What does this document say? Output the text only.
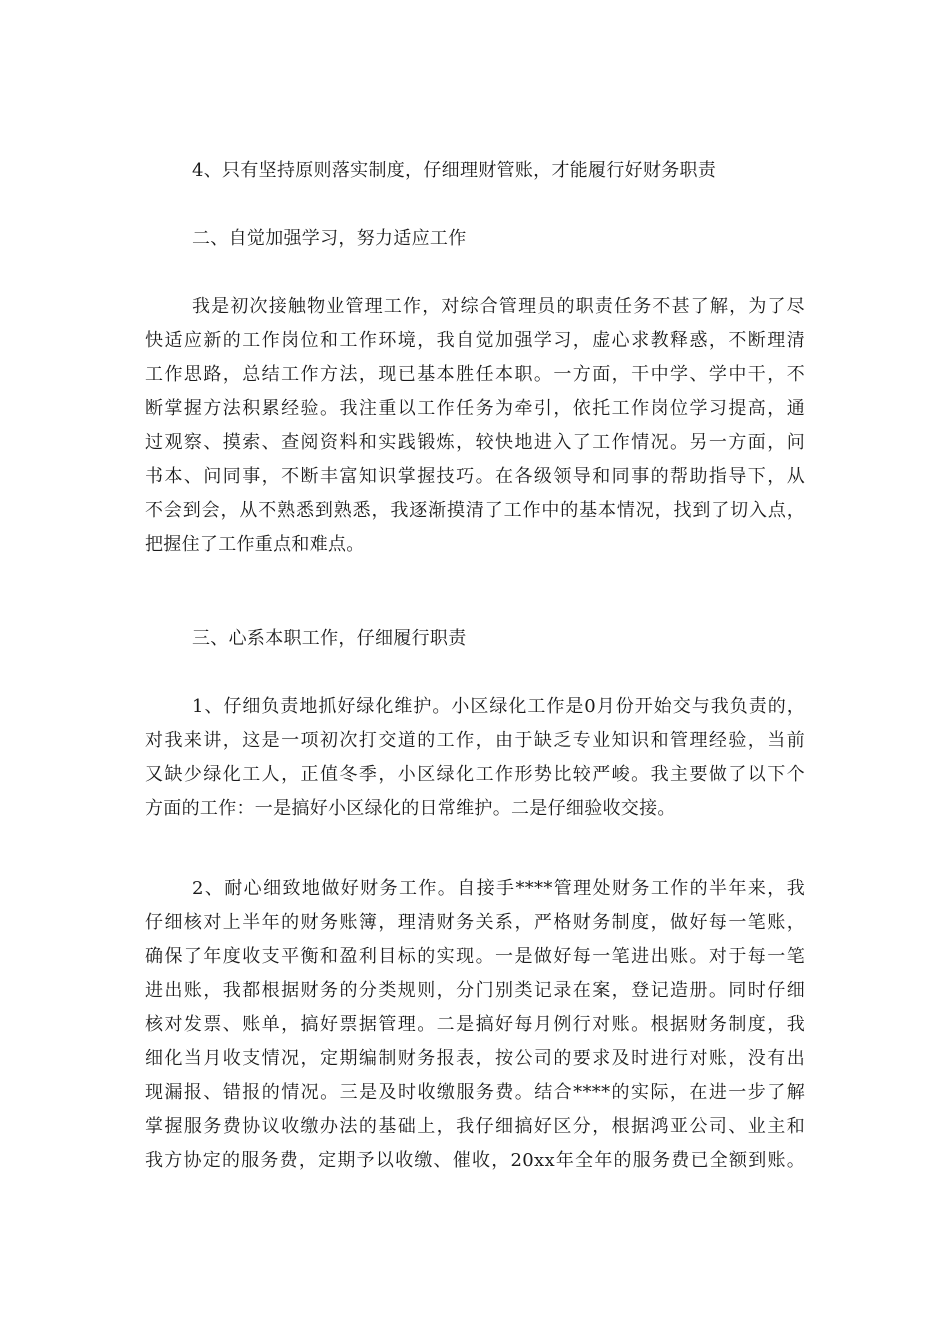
4、只有坚持原则落实制度，仔细理财管账，才能履行好财务职责

二、自觉加强学习，努力适应工作

我是初次接触物业管理工作，对综合管理员的职责任务不甚了解，为了尽
快适应新的工作岗位和工作环境，我自觉加强学习，虚心求教释惑，不断理清
工作思路，总结工作方法，现已基本胜任本职。一方面，干中学、学中干，不
断掌握方法积累经验。我注重以工作任务为牵引，依托工作岗位学习提高，通
过观察、摸索、查阅资料和实践锻炼，较快地进入了工作情况。另一方面，问
书本、问同事，不断丰富知识掌握技巧。在各级领导和同事的帮助指导下，从
不会到会，从不熟悉到熟悉，我逐渐摸清了工作中的基本情况，找到了切入点，
把握住了工作重点和难点。

三、心系本职工作，仔细履行职责

1、仔细负责地抓好绿化维护。小区绿化工作是0月份开始交与我负责的，
对我来讲，这是一项初次打交道的工作，由于缺乏专业知识和管理经验，当前
又缺少绿化工人，正值冬季，小区绿化工作形势比较严峻。我主要做了以下个
方面的工作：一是搞好小区绿化的日常维护。二是仔细验收交接。
2、耐心细致地做好财务工作。自接手****管理处财务工作的半年来，我
仔细核对上半年的财务账簿，理清财务关系，严格财务制度，做好每一笔账，
确保了年度收支平衡和盈利目标的实现。一是做好每一笔进出账。对于每一笔
进出账，我都根据财务的分类规则，分门别类记录在案，登记造册。同时仔细
核对发票、账单，搞好票据管理。二是搞好每月例行对账。根据财务制度，我
细化当月收支情况，定期编制财务报表，按公司的要求及时进行对账，没有出
现漏报、错报的情况。三是及时收缴服务费。结合****的实际，在进一步了解
掌握服务费协议收缴办法的基础上，我仔细搞好区分，根据鸿亚公司、业主和
我方协定的服务费，定期予以收缴、催收，20xx年全年的服务费已全额到账。
